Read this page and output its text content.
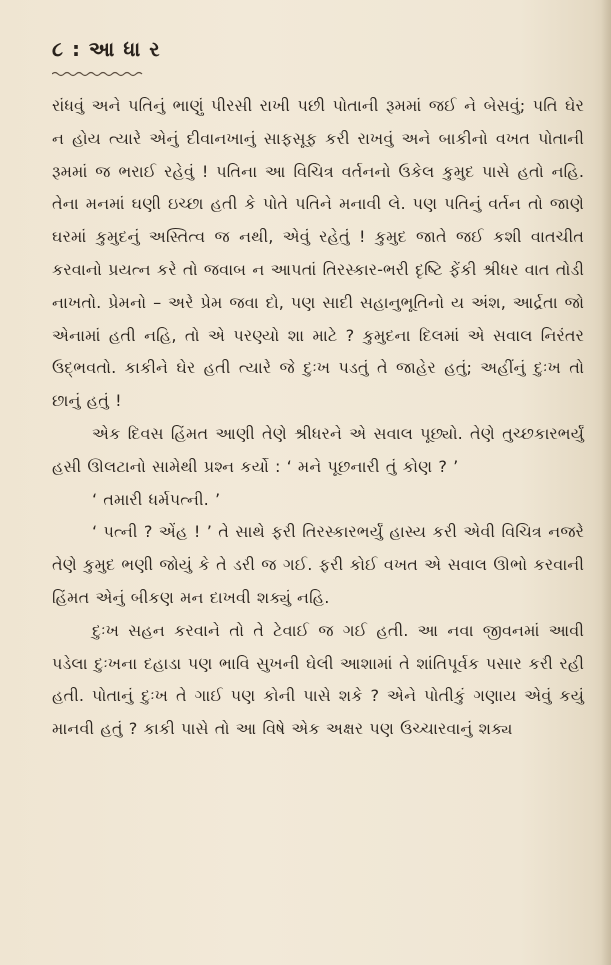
૮ : આ ધા ર

રાંધવું અને પતિનું ભાણું પીરસી રાખી પછી પોતાની રૂમમાં જઈ ને બેસવું; પતિ ઘેર ન હોય ત્યારે એનું દીવાનખાનું સાફસૂફ કરી રાખવું અને બાકીનો વખત પોતાની રૂમમાં જ ભરાઈ રહેવું ! પતિના આ વિચિત્ર વર્તનનો ઉકેલ કુમુદ પાસે હતો નહિ. તેના મનમાં ઘણી ઇચ્છા હતી કે પોતે પતિને મનાવી લે. પણ પતિનું વર્તન તો જાણે ઘરમાં કુમુદનું અસ્તિત્વ જ નથી, એવું રહેતું ! કુમુદ જાતે જઈ કશી વાતચીત કરવાનો પ્રયત્ન કરે તો જવાબ ન આપતાં તિરસ્કાર-ભરી દૃષ્ટિ ફેંકી શ્રીધર વાત તોડી નાખતો. પ્રેમનો – અરે પ્રેમ જવા દો, પણ સાદી સહાનુભૂતિનો ય અંશ, આર્દ્રતા જો એનામાં હતી નહિ, તો એ પરણ્યો શા માટે ? કુમુદના દિલમાં એ સવાલ નિરંતર ઉદ્ભવતો. કાકીને ઘેર હતી ત્યારે જે દુઃખ પડતું તે જાહેર હતું; અહીંનું દુઃખ તો છાનું હતું !

એક દિવસ હિંમત આણી તેણે શ્રીધરને એ સવાલ પૂછ્યો. તેણે તુચ્છકારભર્યું હસી ઊલટાનો સામેથી પ્રશ્ન કર્યો : ‘ મને પૂછનારી તું કોણ ? ’

‘ તમારી ધર્મપત્ની. ’

‘ પત્ની ? એંહ ! ’ તે સાથે ફરી તિરસ્કારભર્યું હાસ્ય કરી એવી વિચિત્ર નજરે તેણે કુમુદ ભણી જોયું કે તે ડરી જ ગઈ. ફરી કોઈ વખત એ સવાલ ઊભો કરવાની હિંમત એનું બીકણ મન દાખવી શક્યું નહિ.

દુઃખ સહન કરવાને તો તે ટેવાઈ જ ગઈ હતી. આ નવા જીવનમાં આવી પડેલા દુઃખના દહાડા પણ ભાવિ સુખની ઘેલી આશામાં તે શાંતિપૂર્વક પસાર કરી રહી હતી. પોતાનું દુઃખ તે ગાઈ પણ કોની પાસે શકે ? એને પોતીકું ગણાય એવું કયું માનવી હતું ? કાકી પાસે તો આ વિષે એક અક્ષર પણ ઉચ્ચારવાનું શક્ય
